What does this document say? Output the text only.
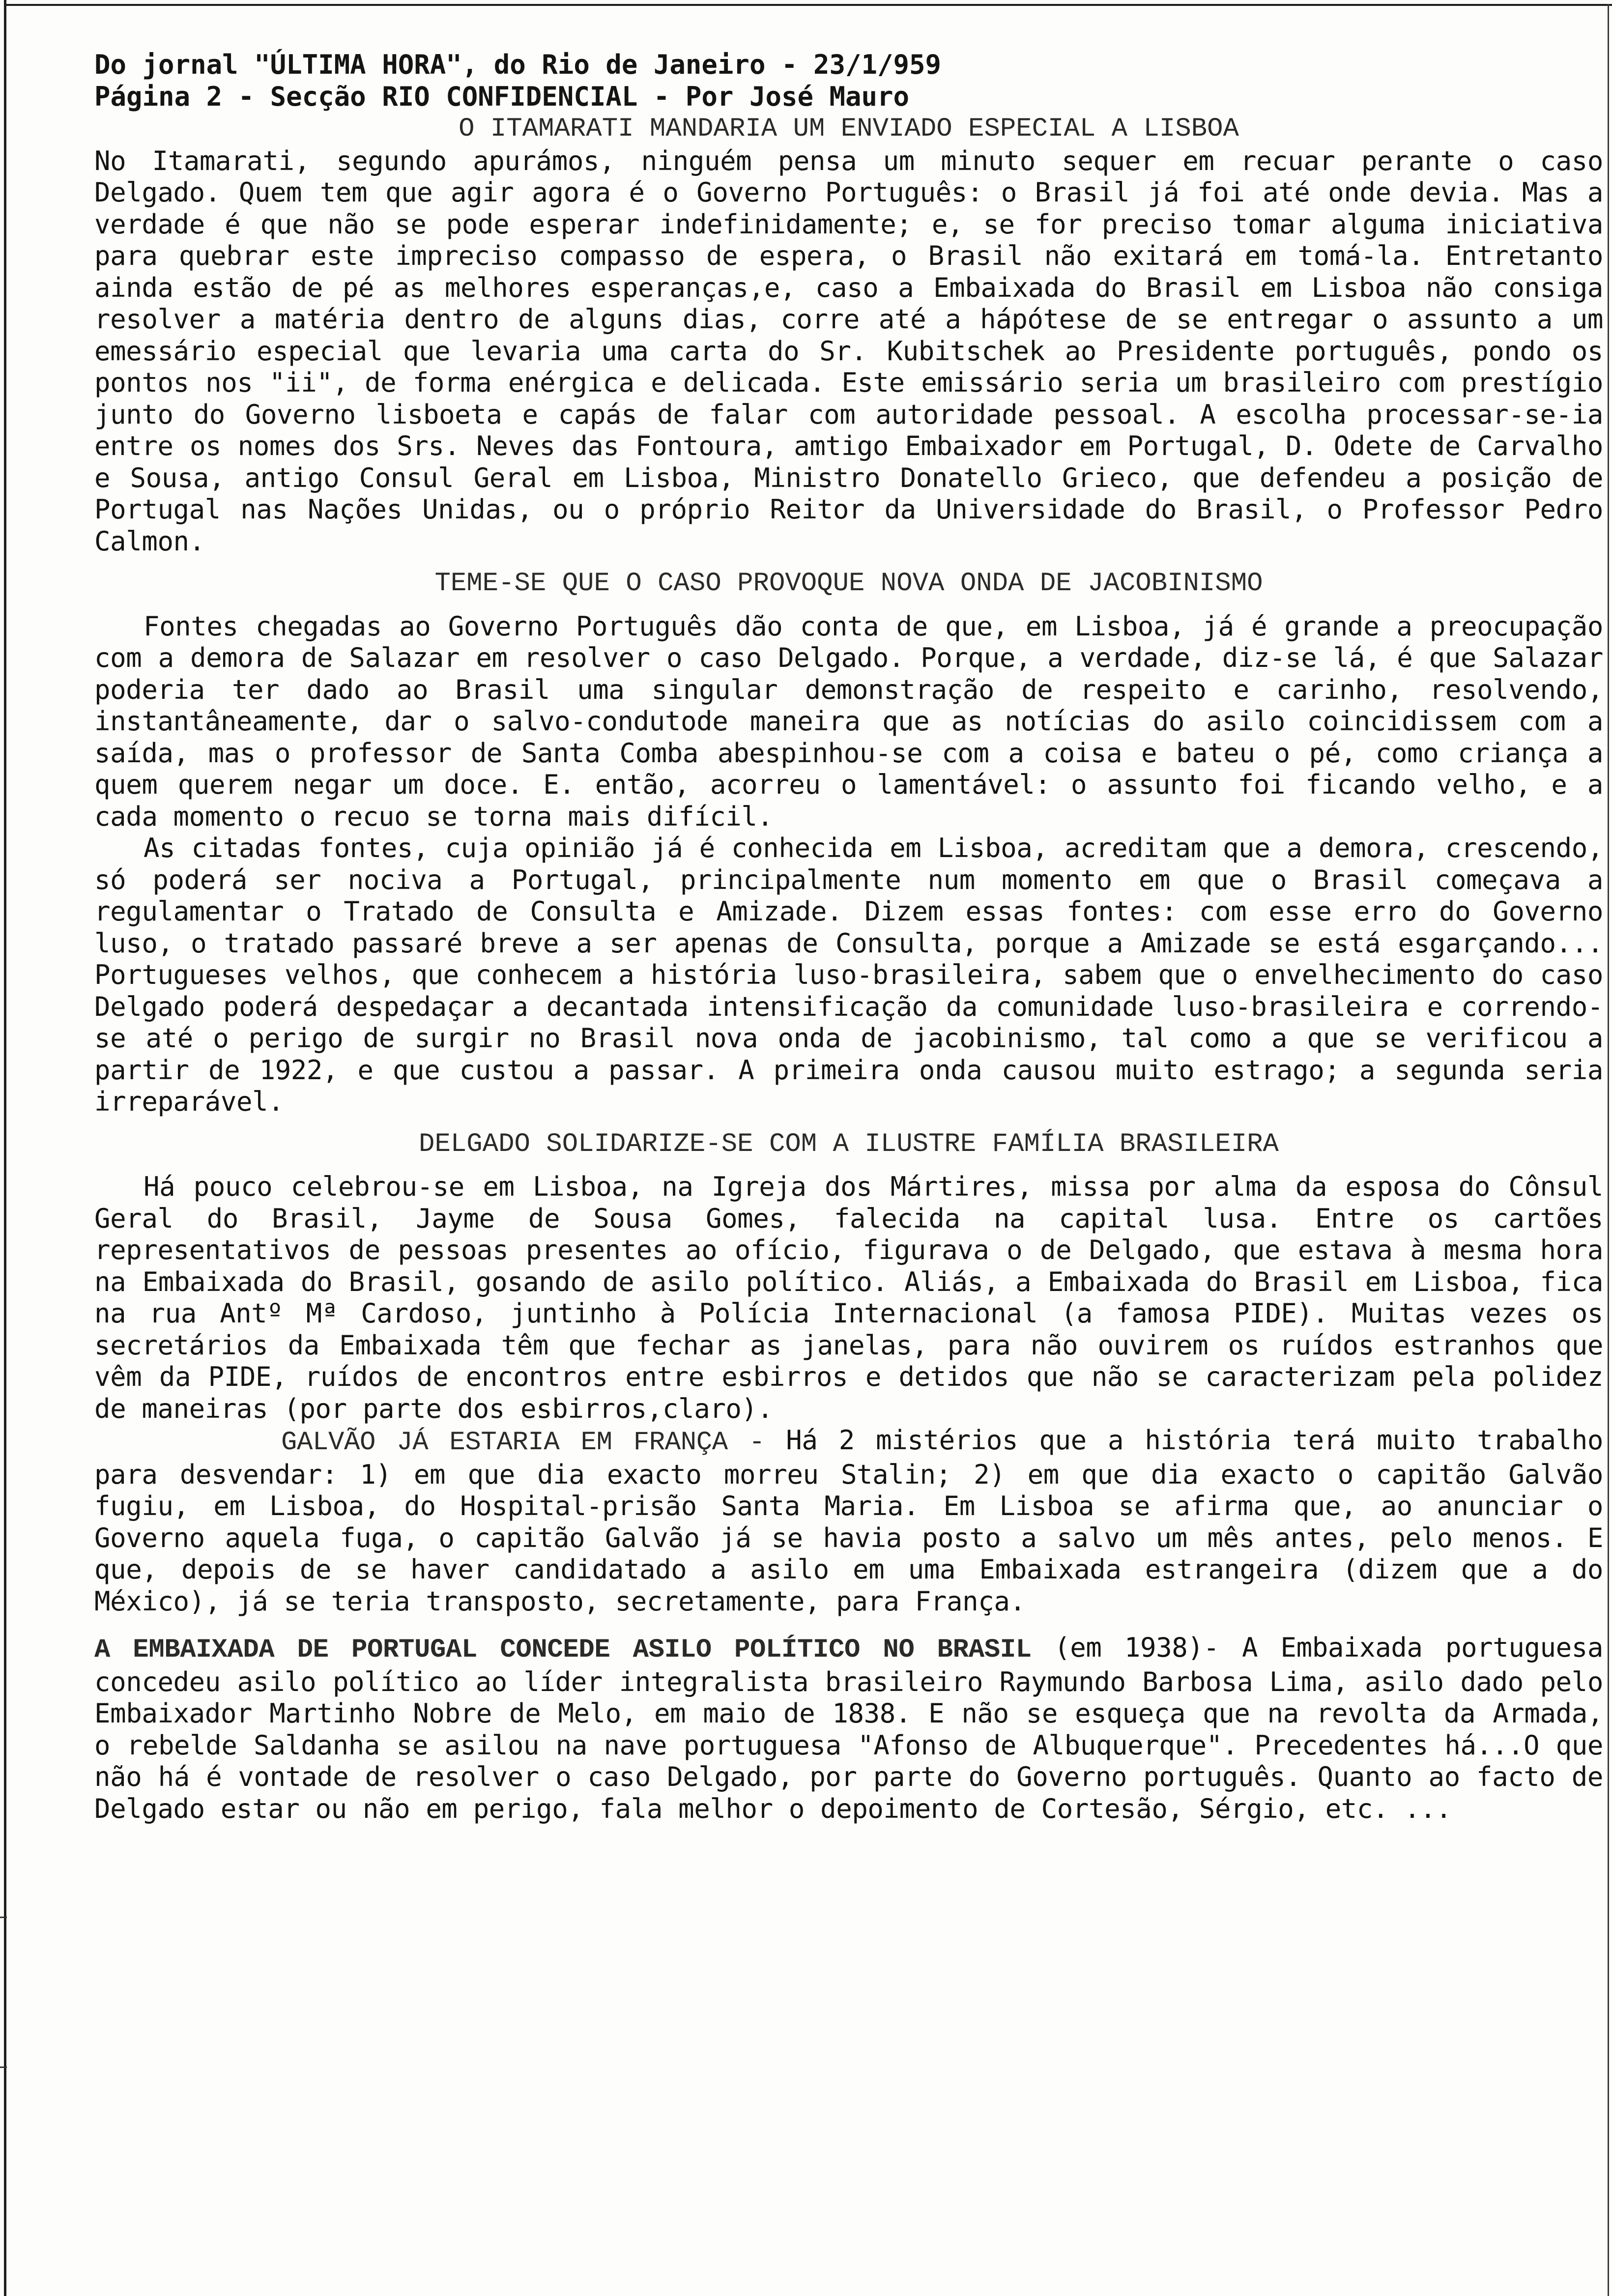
Do jornal "ÚLTIMA HORA", do Rio de Janeiro - 23/1/959

Página 2 - Secção RIO CONFIDENCIAL - Por José Mauro

O ITAMARATI MANDARIA UM ENVIADO ESPECIAL A LISBOA

No Itamarati, segundo apurámos, ninguém pensa um minuto sequer em recuar perante o caso Delgado. Quem tem que agir agora é o Governo Português: o Brasil já foi até onde devia. Mas a verdade é que não se pode esperar indefinidamente; e, se for preciso tomar alguma iniciativa para quebrar este impreciso compasso de espera, o Brasil não exitará em tomá-la. Entretanto ainda estão de pé as melhores esperanças,e, caso a Embaixada do Brasil em Lisboa não consiga resolver a matéria dentro de alguns dias, corre até a hápótese de se entregar o assunto a um emessário especial que levaria uma carta do Sr. Kubitschek ao Presidente português, pondo os pontos nos "ii", de forma enérgica e delicada. Este emissário seria um brasileiro com prestígio junto do Governo lisboeta e capás de falar com autoridade pessoal. A escolha processar-se-ia entre os nomes dos Srs. Neves das Fontoura, amtigo Embaixador em Portugal, D. Odete de Carvalho e Sousa, antigo Consul Geral em Lisboa, Ministro Donatello Grieco, que defendeu a posição de Portugal nas Nações Unidas, ou o próprio Reitor da Universidade do Brasil, o Professor Pedro Calmon.

TEME-SE QUE O CASO PROVOQUE NOVA ONDA DE JACOBINISMO

Fontes chegadas ao Governo Português dão conta de que, em Lisboa, já é grande a preocupação com a demora de Salazar em resolver o caso Delgado. Porque, a verdade, diz-se lá, é que Salazar poderia ter dado ao Brasil uma singular demonstração de respeito e carinho, resolvendo, instantâneamente, dar o salvo-condutode maneira que as notícias do asilo coincidissem com a saída, mas o professor de Santa Comba abespinhou-se com a coisa e bateu o pé, como criança a quem querem negar um doce. E. então, acorreu o lamentável: o assunto foi ficando velho, e a cada momento o recuo se torna mais difícil.

As citadas fontes, cuja opinião já é conhecida em Lisboa, acreditam que a demora, crescendo, só poderá ser nociva a Portugal, principalmente num momento em que o Brasil começava a regulamentar o Tratado de Consulta e Amizade. Dizem essas fontes: com esse erro do Governo luso, o tratado passaré breve a ser apenas de Consulta, porque a Amizade se está esgarçando... Portugueses velhos, que conhecem a história luso-brasileira, sabem que o envelhecimento do caso Delgado poderá despedaçar a decantada intensificação da comunidade luso-brasileira e correndo-se até o perigo de surgir no Brasil nova onda de jacobinismo, tal como a que se verificou a partir de 1922, e que custou a passar. A primeira onda causou muito estrago; a segunda seria irreparável.

DELGADO SOLIDARIZE-SE COM A ILUSTRE FAMÍLIA BRASILEIRA

Há pouco celebrou-se em Lisboa, na Igreja dos Mártires, missa por alma da esposa do Cônsul Geral do Brasil, Jayme de Sousa Gomes, falecida na capital lusa. Entre os cartões representativos de pessoas presentes ao ofício, figurava o de Delgado, que estava à mesma hora na Embaixada do Brasil, gosando de asilo político. Aliás, a Embaixada do Brasil em Lisboa, fica na rua Antº Mª Cardoso, juntinho à Polícia Internacional (a famosa PIDE). Muitas vezes os secretários da Embaixada têm que fechar as janelas, para não ouvirem os ruídos estranhos que vêm da PIDE, ruídos de encontros entre esbirros e detidos que não se caracterizam pela polidez de maneiras (por parte dos esbirros,claro).

GALVÃO JÁ ESTARIA EM FRANÇA - Há 2 mistérios que a história terá muito trabalho para desvendar: 1) em que dia exacto morreu Stalin; 2) em que dia exacto o capitão Galvão fugiu, em Lisboa, do Hospital-prisão Santa Maria. Em Lisboa se afirma que, ao anunciar o Governo aquela fuga, o capitão Galvão já se havia posto a salvo um mês antes, pelo menos. E que, depois de se haver candidatado a asilo em uma Embaixada estrangeira (dizem que a do México), já se teria transposto, secretamente, para França.

A EMBAIXADA DE PORTUGAL CONCEDE ASILO POLÍTICO NO BRASIL (em 1938)- A Embaixada portuguesa concedeu asilo político ao líder integralista brasileiro Raymundo Barbosa Lima, asilo dado pelo Embaixador Martinho Nobre de Melo, em maio de 1838. E não se esqueça que na revolta da Armada, o rebelde Saldanha se asilou na nave portuguesa "Afonso de Albuquerque". Precedentes há...O que não há é vontade de resolver o caso Delgado, por parte do Governo português. Quanto ao facto de Delgado estar ou não em perigo, fala melhor o depoimento de Cortesão, Sérgio, etc. ...
